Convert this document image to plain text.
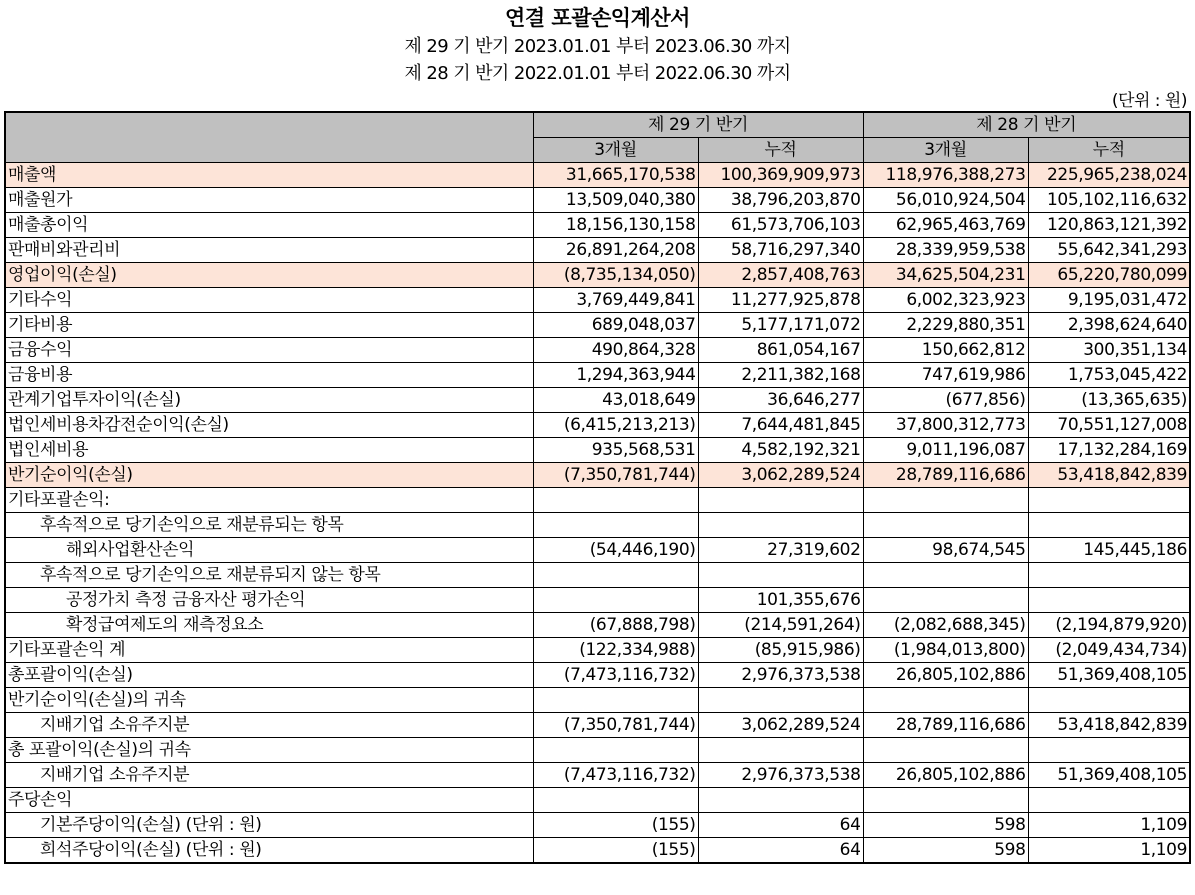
연결 포괄손익계산서
제 29 기 반기 2023.01.01 부터 2023.06.30 까지
제 28 기 반기 2022.01.01 부터 2022.06.30 까지
(단위 : 원)
	제 29 기 반기		제 28 기 반기	
	3개월	누적	3개월	누적
매출액	31,665,170,538	100,369,909,973	118,976,388,273	225,965,238,024
매출원가	13,509,040,380	38,796,203,870	56,010,924,504	105,102,116,632
매출총이익	18,156,130,158	61,573,706,103	62,965,463,769	120,863,121,392
판매비와관리비	26,891,264,208	58,716,297,340	28,339,959,538	55,642,341,293
영업이익(손실)	(8,735,134,050)	2,857,408,763	34,625,504,231	65,220,780,099
기타수익	3,769,449,841	11,277,925,878	6,002,323,923	9,195,031,472
기타비용	689,048,037	5,177,171,072	2,229,880,351	2,398,624,640
금융수익	490,864,328	861,054,167	150,662,812	300,351,134
금융비용	1,294,363,944	2,211,382,168	747,619,986	1,753,045,422
관계기업투자이익(손실)	43,018,649	36,646,277	(677,856)	(13,365,635)
법인세비용차감전순이익(손실)	(6,415,213,213)	7,644,481,845	37,800,312,773	70,551,127,008
법인세비용	935,568,531	4,582,192,321	9,011,196,087	17,132,284,169
반기순이익(손실)	(7,350,781,744)	3,062,289,524	28,789,116,686	53,418,842,839
기타포괄손익:				
후속적으로 당기손익으로 재분류되는 항목				
해외사업환산손익	(54,446,190)	27,319,602	98,674,545	145,445,186
후속적으로 당기손익으로 재분류되지 않는 항목				
공정가치 측정 금융자산 평가손익		101,355,676		
확정급여제도의 재측정요소	(67,888,798)	(214,591,264)	(2,082,688,345)	(2,194,879,920)
기타포괄손익 계	(122,334,988)	(85,915,986)	(1,984,013,800)	(2,049,434,734)
총포괄이익(손실)	(7,473,116,732)	2,976,373,538	26,805,102,886	51,369,408,105
반기순이익(손실)의 귀속				
지배기업 소유주지분	(7,350,781,744)	3,062,289,524	28,789,116,686	53,418,842,839
총 포괄이익(손실)의 귀속				
지배기업 소유주지분	(7,473,116,732)	2,976,373,538	26,805,102,886	51,369,408,105
주당손익				
기본주당이익(손실) (단위 : 원)	(155)	64	598	1,109
희석주당이익(손실) (단위 : 원)	(155)	64	598	1,109
